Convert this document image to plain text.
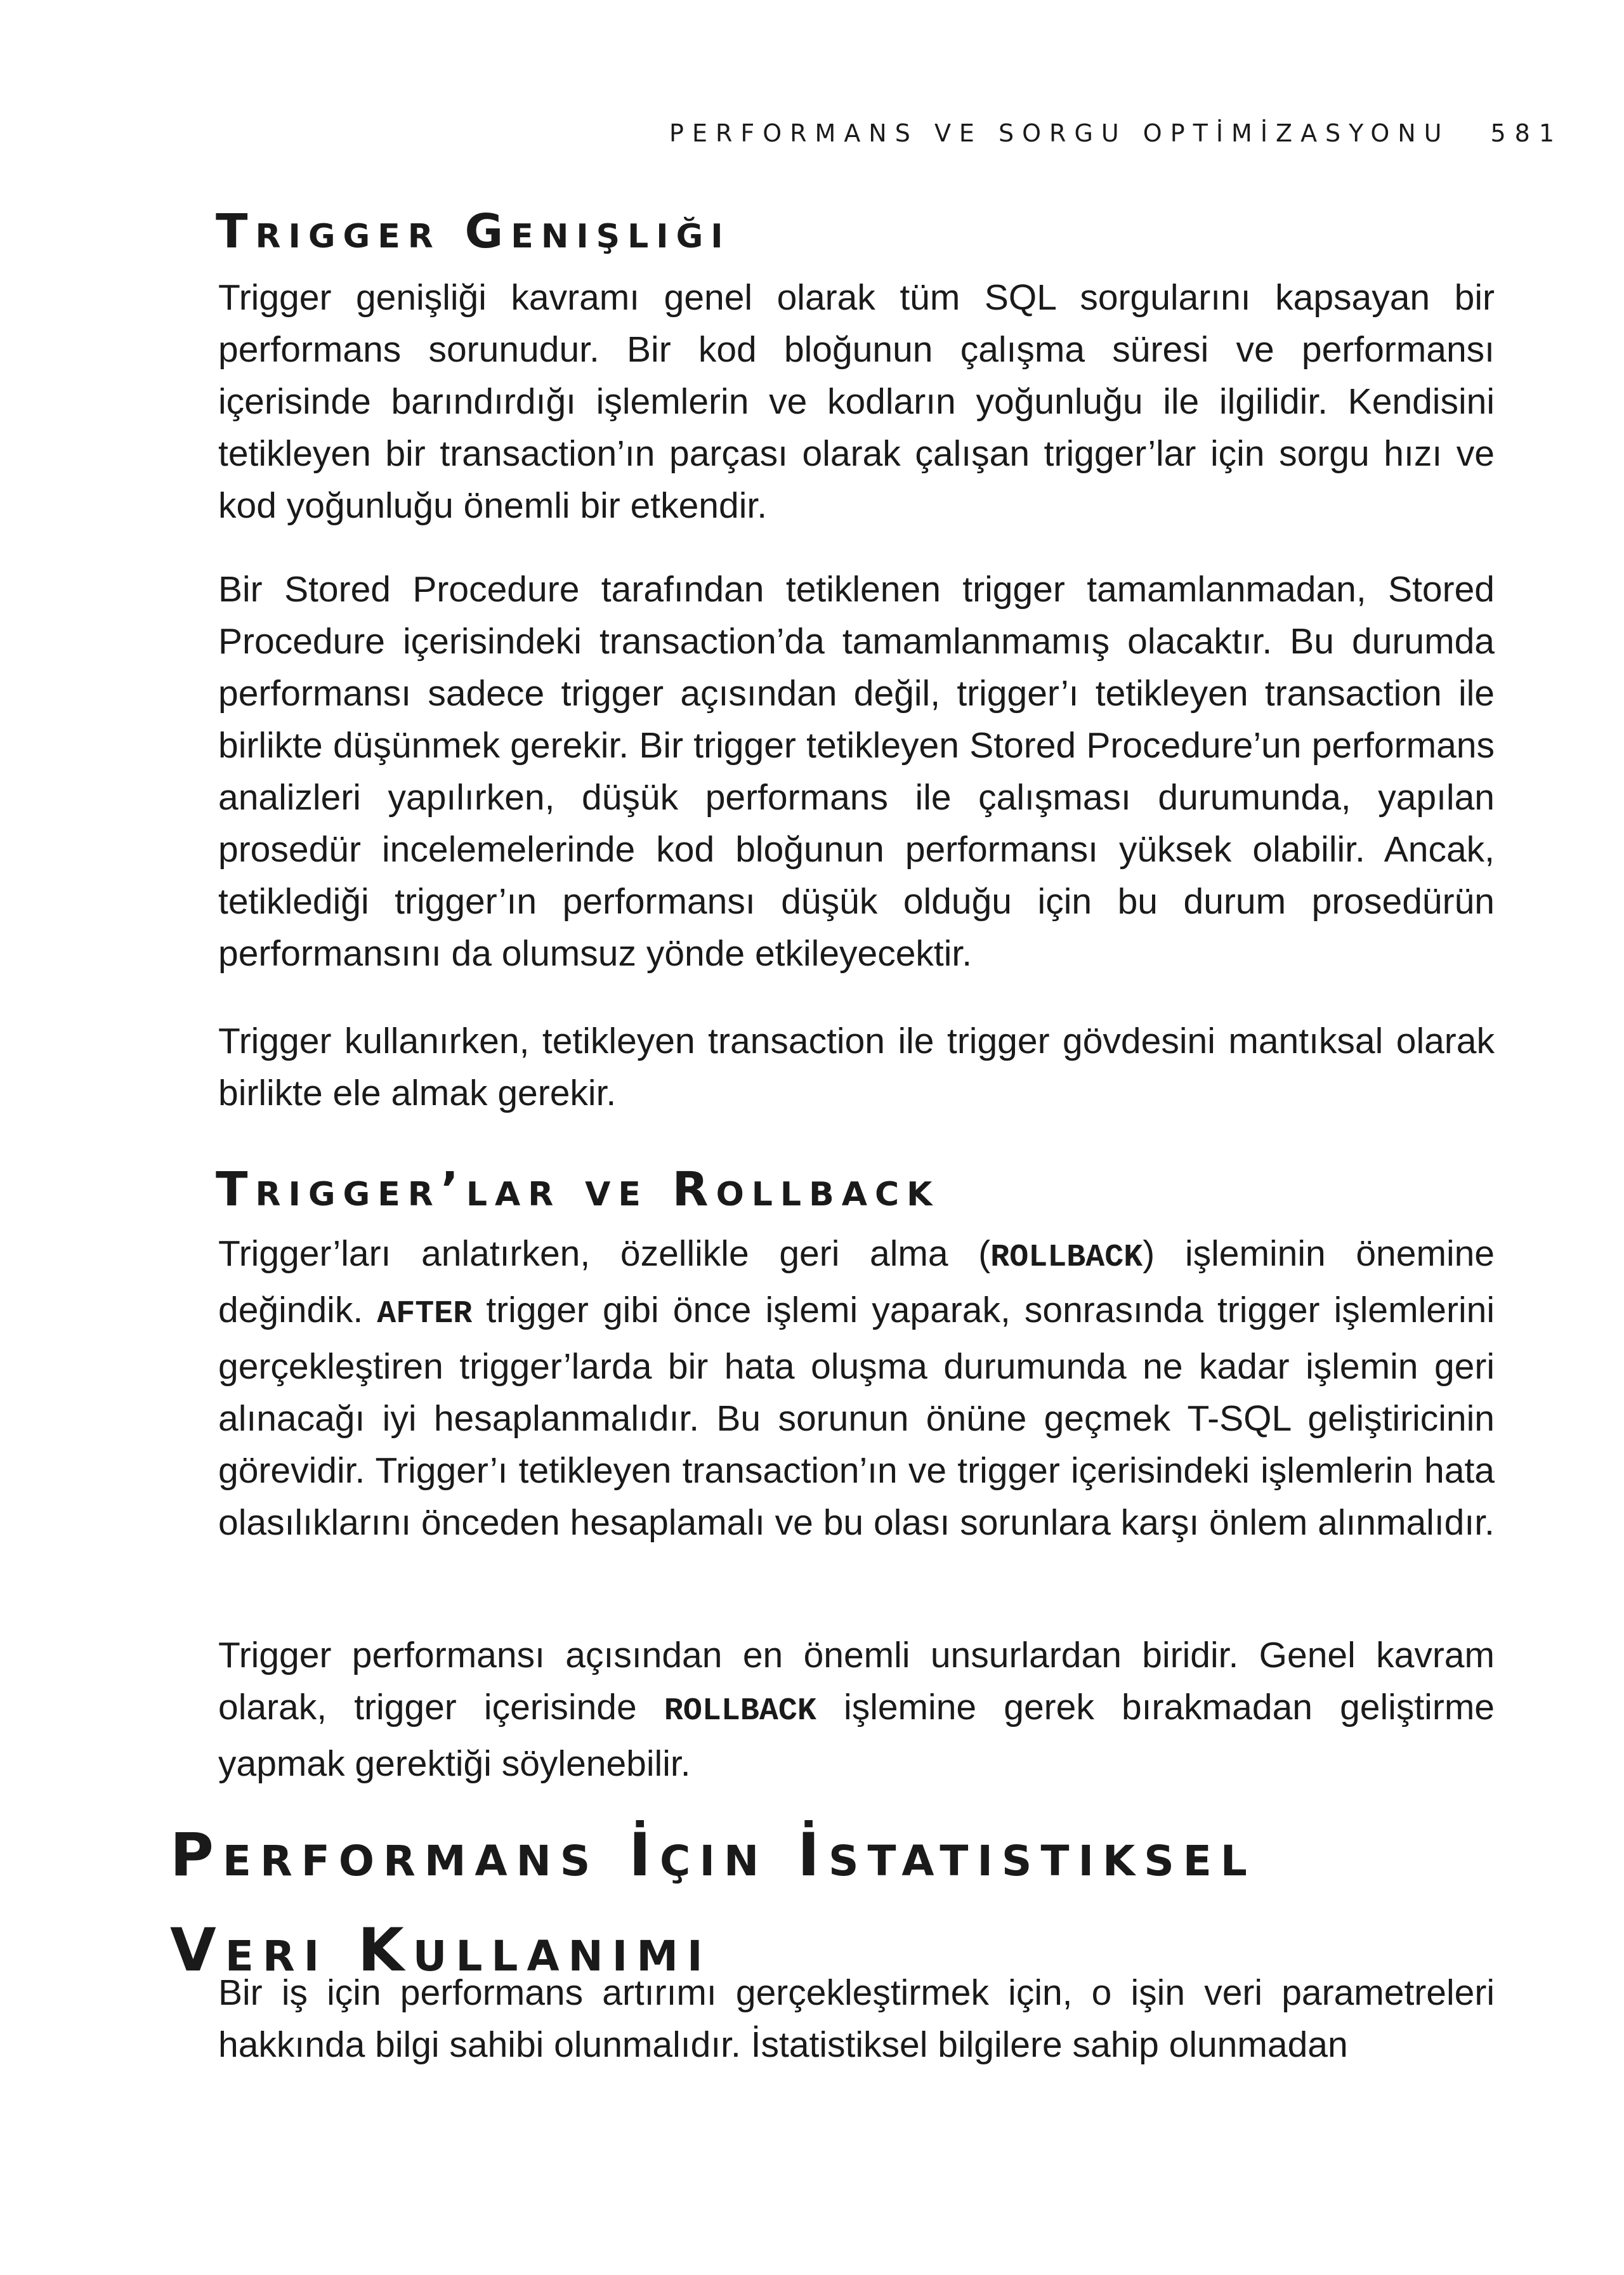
PERFORMANS VE SORGU OPTİMİZASYONU 581
Trigger Genişliği

Trigger genişliği kavramı genel olarak tüm SQL sorgularını kapsayan bir performans sorunudur. Bir kod bloğunun çalışma süresi ve performansı içerisinde barındırdığı işlemlerin ve kodların yoğunluğu ile ilgilidir. Kendisini tetikleyen bir transaction’ın parçası olarak çalışan trigger’lar için sorgu hızı ve kod yoğunluğu önemli bir etkendir.

Bir Stored Procedure tarafından tetiklenen trigger tamamlanmadan, Stored Procedure içerisindeki transaction’da tamamlanmamış olacaktır. Bu durumda performansı sadece trigger açısından değil, trigger’ı tetikleyen transaction ile birlikte düşünmek gerekir. Bir trigger tetikleyen Stored Procedure’un performans analizleri yapılırken, düşük performans ile çalışması durumunda, yapılan prosedür incelemelerinde kod bloğunun performansı yüksek olabilir. Ancak, tetiklediği trigger’ın performansı düşük olduğu için bu durum prosedürün performansını da olumsuz yönde etkileyecektir.

Trigger kullanırken, tetikleyen transaction ile trigger gövdesini mantıksal olarak birlikte ele almak gerekir.

Trigger’lar ve Rollback

Trigger’ları anlatırken, özellikle geri alma (ROLLBACK) işleminin önemine değindik. AFTER trigger gibi önce işlemi yaparak, sonrasında trigger işlemlerini gerçekleştiren trigger’larda bir hata oluşma durumunda ne kadar işlemin geri alınacağı iyi hesaplanmalıdır. Bu sorunun önüne geçmek T-SQL geliştiricinin görevidir. Trigger’ı tetikleyen transaction’ın ve trigger içerisindeki işlemlerin hata olasılıklarını önceden hesaplamalı ve bu olası sorunlara karşı önlem alınmalıdır.

Trigger performansı açısından en önemli unsurlardan biridir. Genel kavram olarak, trigger içerisinde ROLLBACK işlemine gerek bırakmadan geliştirme yapmak gerektiği söylenebilir.

Performans İçin İstatistiksel
Veri Kullanımı

Bir iş için performans artırımı gerçekleştirmek için, o işin veri parametreleri hakkında bilgi sahibi olunmalıdır. İstatistiksel bilgilere sahip olunmadan
